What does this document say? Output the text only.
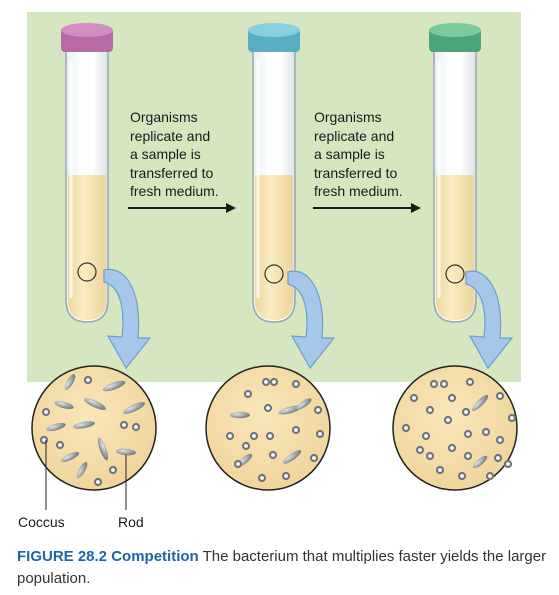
Organisms
replicate and
a sample is
transferred to
fresh medium.
Organisms
replicate and
a sample is
transferred to
fresh medium.
Coccus	Rod
FIGURE 28.2 Competition The bacterium that multiplies faster yields the larger population.
